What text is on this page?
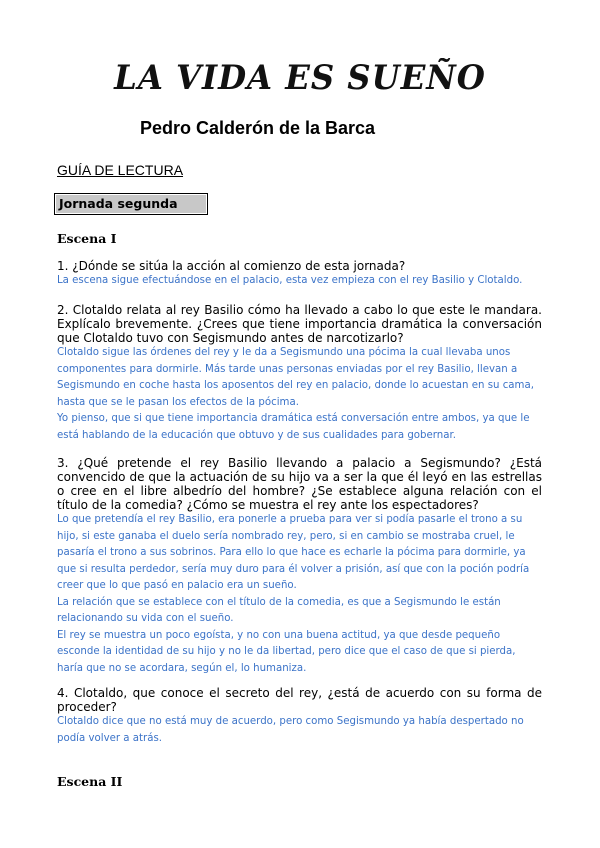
LA VIDA ES SUEÑO
Pedro Calderón de la Barca
GUÍA DE LECTURA
Jornada segunda
Escena I
1. ¿Dónde se sitúa la acción al comienzo de esta jornada?

La escena sigue efectuándose en el palacio, esta vez empieza con el rey Basilio y Clotaldo.

2. Clotaldo relata al rey Basilio cómo ha llevado a cabo lo que este le mandara. Explícalo brevemente. ¿Crees que tiene importancia dramática la conversación que Clotaldo tuvo con Segismundo antes de narcotizarlo?

Clotaldo sigue las órdenes del rey y le da a Segismundo una pócima la cual llevaba unos componentes para dormirle. Más tarde unas personas enviadas por el rey Basilio, llevan a Segismundo en coche hasta los aposentos del rey en palacio, donde lo acuestan en su cama, hasta que se le pasan los efectos de la pócima.

Yo pienso, que si que tiene importancia dramática está conversación entre ambos, ya que le está hablando de la educación que obtuvo y de sus cualidades para gobernar.

3. ¿Qué pretende el rey Basilio llevando a palacio a Segismundo? ¿Está convencido de que la actuación de su hijo va a ser la que él leyó en las estrellas o cree en el libre albedrío del hombre? ¿Se establece alguna relación con el título de la comedia? ¿Cómo se muestra el rey ante los espectadores?

Lo que pretendía el rey Basilio, era ponerle a prueba para ver si podía pasarle el trono a su hijo, si este ganaba el duelo sería nombrado rey, pero, si en cambio se mostraba cruel, le pasaría el trono a sus sobrinos. Para ello lo que hace es echarle la pócima para dormirle, ya que si resulta perdedor, sería muy duro para él volver a prisión, así que con la poción podría creer que lo que pasó en palacio era un sueño.

La relación que se establece con el título de la comedia, es que a Segismundo le están relacionando su vida con el sueño.

El rey se muestra un poco egoísta, y no con una buena actitud, ya que desde pequeño esconde la identidad de su hijo y no le da libertad, pero dice que el caso de que si pierda, haría que no se acordara, según el, lo humaniza.

4. Clotaldo, que conoce el secreto del rey, ¿está de acuerdo con su forma de proceder?

Clotaldo dice que no está muy de acuerdo, pero como Segismundo ya había despertado no podía volver a atrás.

Escena II
